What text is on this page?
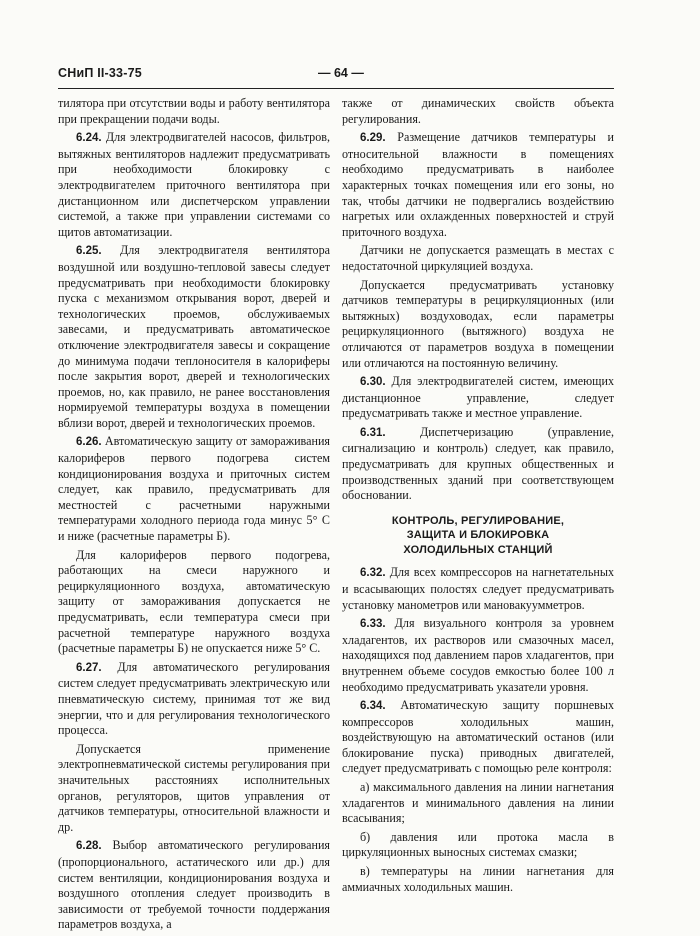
СНиП II-33-75	— 64 —

тилятора при отсутствии воды и работу вентилятора при прекращении подачи воды.

6.24. Для электродвигателей насосов, фильтров, вытяжных вентиляторов надлежит предусматривать при необходимости блокировку с электродвигателем приточного вентилятора при дистанционном или диспетчерском управлении системой, а также при управлении системами со щитов автоматизации.

6.25. Для электродвигателя вентилятора воздушной или воздушно-тепловой завесы следует предусматривать при необходимости блокировку пуска с механизмом открывания ворот, дверей и технологических проемов, обслуживаемых завесами, и предусматривать автоматическое отключение электродвигателя завесы и сокращение до минимума подачи теплоносителя в калориферы после закрытия ворот, дверей и технологических проемов, но, как правило, не ранее восстановления нормируемой температуры воздуха в помещении вблизи ворот, дверей и технологических проемов.

6.26. Автоматическую защиту от замораживания калориферов первого подогрева систем кондиционирования воздуха и приточных систем следует, как правило, предусматривать для местностей с расчетными наружными температурами холодного периода года минус 5° С и ниже (расчетные параметры Б).

Для калориферов первого подогрева, работающих на смеси наружного и рециркуляционного воздуха, автоматическую защиту от замораживания допускается не предусматривать, если температура смеси при расчетной температуре наружного воздуха (расчетные параметры Б) не опускается ниже 5° С.

6.27. Для автоматического регулирования систем следует предусматривать электрическую или пневматическую систему, принимая тот же вид энергии, что и для регулирования технологического процесса.

Допускается применение электропневматической системы регулирования при значительных расстояниях исполнительных органов, регуляторов, щитов управления от датчиков температуры, относительной влажности и др.

6.28. Выбор автоматического регулирования (пропорционального, астатического или др.) для систем вентиляции, кондиционирования воздуха и воздушного отопления следует производить в зависимости от требуемой точности поддержания параметров воздуха, а

также от динамических свойств объекта регулирования.

6.29. Размещение датчиков температуры и относительной влажности в помещениях необходимо предусматривать в наиболее характерных точках помещения или его зоны, но так, чтобы датчики не подвергались воздействию нагретых или охлажденных поверхностей и струй приточного воздуха.

Датчики не допускается размещать в местах с недостаточной циркуляцией воздуха.

Допускается предусматривать установку датчиков температуры в рециркуляционных (или вытяжных) воздуховодах, если параметры рециркуляционного (вытяжного) воздуха не отличаются от параметров воздуха в помещении или отличаются на постоянную величину.

6.30. Для электродвигателей систем, имеющих дистанционное управление, следует предусматривать также и местное управление.

6.31. Диспетчеризацию (управление, сигнализацию и контроль) следует, как правило, предусматривать для крупных общественных и производственных зданий при соответствующем обосновании.

КОНТРОЛЬ, РЕГУЛИРОВАНИЕ,
ЗАЩИТА И БЛОКИРОВКА
ХОЛОДИЛЬНЫХ СТАНЦИЙ

6.32. Для всех компрессоров на нагнетательных и всасывающих полостях следует предусматривать установку манометров или мановакуумметров.

6.33. Для визуального контроля за уровнем хладагентов, их растворов или смазочных масел, находящихся под давлением паров хладагентов, при внутреннем объеме сосудов емкостью более 100 л необходимо предусматривать указатели уровня.

6.34. Автоматическую защиту поршневых компрессоров холодильных машин, воздействующую на автоматический останов (или блокирование пуска) приводных двигателей, следует предусматривать с помощью реле контроля:

а) максимального давления на линии нагнетания хладагентов и минимального давления на линии всасывания;

б) давления или протока масла в циркуляционных выносных системах смазки;

в) температуры на линии нагнетания для аммиачных холодильных машин.
